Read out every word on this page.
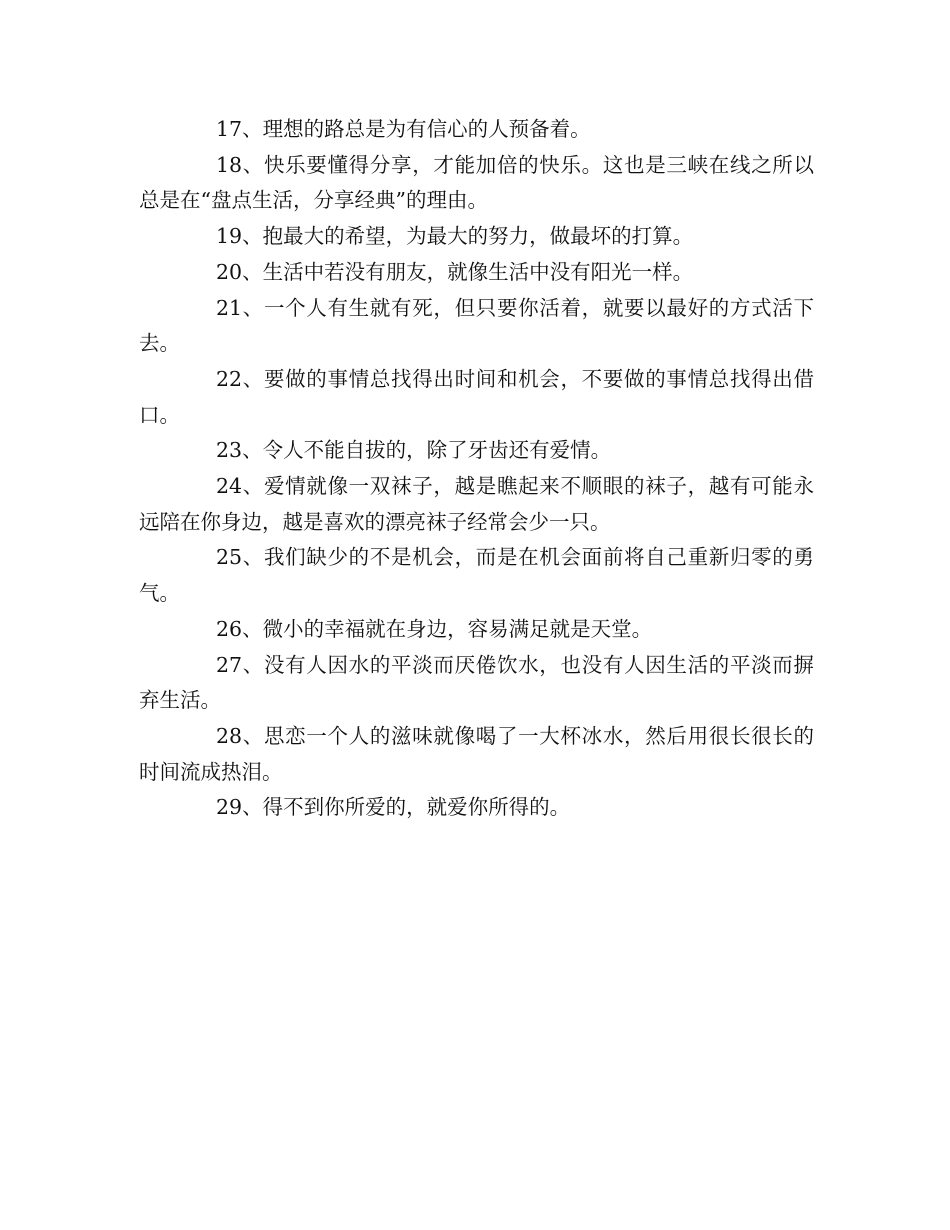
17、理想的路总是为有信心的人预备着。

18、快乐要懂得分享，才能加倍的快乐。这也是三峡在线之所以总是在“盘点生活，分享经典”的理由。

19、抱最大的希望，为最大的努力，做最坏的打算。

20、生活中若没有朋友，就像生活中没有阳光一样。

21、一个人有生就有死，但只要你活着，就要以最好的方式活下去。

22、要做的事情总找得出时间和机会，不要做的事情总找得出借口。

23、令人不能自拔的，除了牙齿还有爱情。

24、爱情就像一双袜子，越是瞧起来不顺眼的袜子，越有可能永远陪在你身边，越是喜欢的漂亮袜子经常会少一只。

25、我们缺少的不是机会，而是在机会面前将自己重新归零的勇气。

26、微小的幸福就在身边，容易满足就是天堂。

27、没有人因水的平淡而厌倦饮水，也没有人因生活的平淡而摒弃生活。

28、思恋一个人的滋味就像喝了一大杯冰水，然后用很长很长的时间流成热泪。

29、得不到你所爱的，就爱你所得的。
